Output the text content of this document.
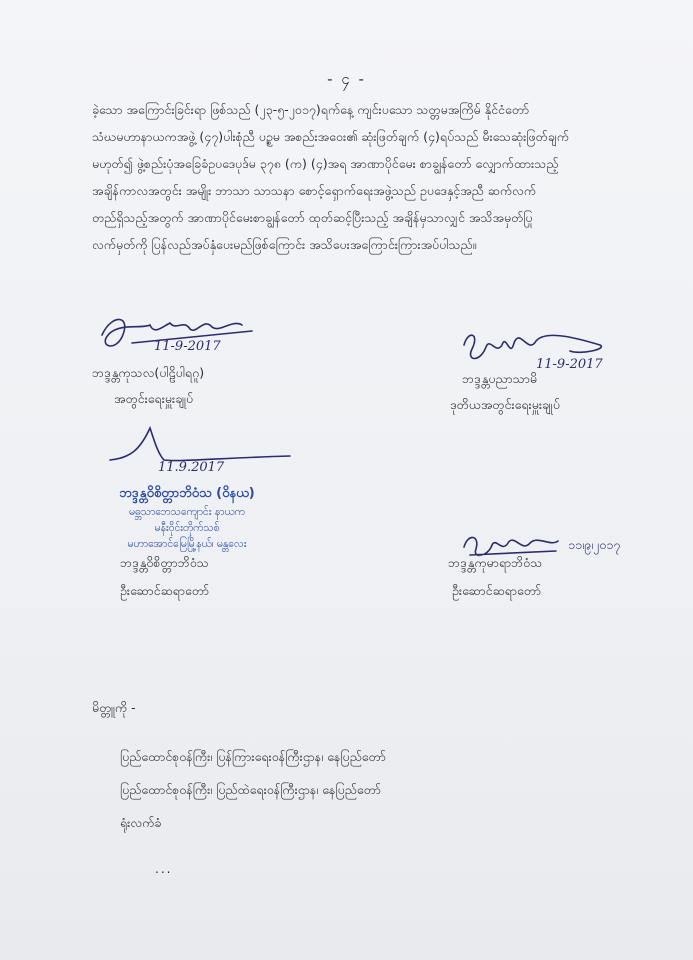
- ၄ -
ခဲ့သော အကြောင်းခြင်းရာ ဖြစ်သည် (၂၃-၅-၂၀၁၇)ရက်နေ့ ကျင်းပသော သတ္တမအကြိမ် နိုင်ငံတော်
သံဃမဟာနာယကအဖွဲ့ (၄၇)ပါးစုံညီ ပဉ္စမ အစည်းအဝေး၏ ဆုံးဖြတ်ချက် (၄)ရပ်သည် မီးသေဆုံးဖြတ်ချက်
မဟုတ်၍ ဖွဲ့စည်းပုံအခြေခံဥပဒေပုဒ်မ ၃၇၈ (က) (၄)အရ အာဏာပိုင်မေး စာချွန်တော် လျှောက်ထားသည့်
အချိန်ကာလအတွင်း အမျိုး ဘာသာ သာသနာ စောင့်ရှောက်ရေးအဖွဲ့သည် ဥပဒေနှင့်အညီ ဆက်လက်
တည်ရှိသည့်အတွက် အာဏာပိုင်မေးစာချွန်တော် ထုတ်ဆင့်ပြီးသည့် အချိန်မှသာလျှင် အသိအမှတ်ပြု
လက်မှတ်ကို ပြန်လည်အပ်နှံပေးမည်ဖြစ်ကြောင်း အသိပေးအကြောင်းကြားအပ်ပါသည်။
11-9-2017
ဘဒ္ဒန္တကုသလ(ပါဠိပါရဂူ)
အတွင်းရေးမှူးချုပ်
11-9-2017
ဘဒ္ဒန္တပညာသာမိ
ဒုတိယအတွင်းရေးမှူးချုပ်
11.9.2017
ဘဒ္ဒန္တဝိစိတ္တာဘိဝံသ (ဝိနယ)
မဓ္ဘသာဘေသကျောင်း နာယက
မနီးဝိုင်းတိုက်သစ်
မဟာအောင်မြေမြို့နယ်၊ မန္တလေး
ဘဒ္ဒန္တဝိစိတ္တာဘိဝံသ
ဦးဆောင်ဆရာတော်
၁၁၊၉၊၂၀၁၇
ဘဒ္ဒန္တကုမာရာဘိဝံသ
ဦးဆောင်ဆရာတော်
မိတ္တူကို -
ပြည်ထောင်စုဝန်ကြီး၊ ပြန်ကြားရေးဝန်ကြီးဌာန၊ နေပြည်တော်
ပြည်ထောင်စုဝန်ကြီး၊ ပြည်ထဲရေးဝန်ကြီးဌာန၊ နေပြည်တော်
ရုံးလက်ခံ
...
